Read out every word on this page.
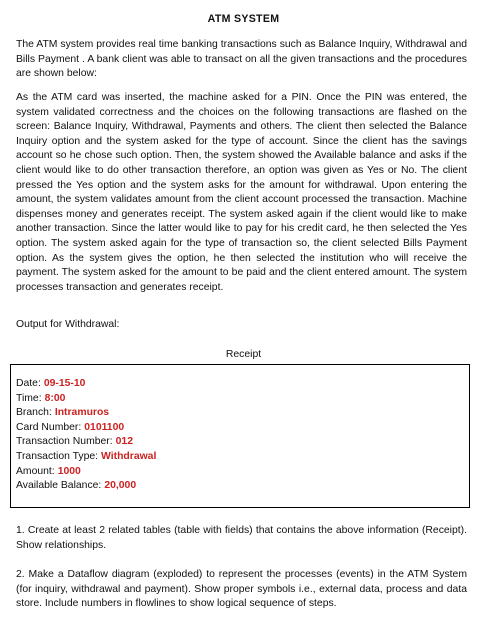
ATM SYSTEM

The ATM system provides real time banking transactions such as Balance Inquiry, Withdrawal and Bills Payment . A bank client was able to transact on all the given transactions and the procedures are shown below:

As the ATM card was inserted, the machine asked for a PIN. Once the PIN was entered, the system validated correctness and the choices on the following transactions are flashed on the screen: Balance Inquiry, Withdrawal, Payments and others. The client then selected the Balance Inquiry option and the system asked for the type of account. Since the client has the savings account so he chose such option. Then, the system showed the Available balance and asks if the client would like to do other transaction therefore, an option was given as Yes or No. The client pressed the Yes option and the system asks for the amount for withdrawal. Upon entering the amount, the system validates amount from the client account processed the transaction. Machine dispenses money and generates receipt. The system asked again if the client would like to make another transaction. Since the latter would like to pay for his credit card, he then selected the Yes option. The system asked again for the type of transaction so, the client selected Bills Payment option. As the system gives the option, he then selected the institution who will receive the payment. The system asked for the amount to be paid and the client entered amount. The system processes transaction and generates receipt.

Output for Withdrawal:

Receipt
Date: 09-15-10
Time: 8:00
Branch: Intramuros
Card Number: 0101100
Transaction Number: 012
Transaction Type: Withdrawal
Amount: 1000
Available Balance: 20,000

1. Create at least 2 related tables (table with fields) that contains the above information (Receipt). Show relationships.

2. Make a Dataflow diagram (exploded) to represent the processes (events) in the ATM System (for inquiry, withdrawal and payment). Show proper symbols i.e., external data, process and data store. Include numbers in flowlines to show logical sequence of steps.
